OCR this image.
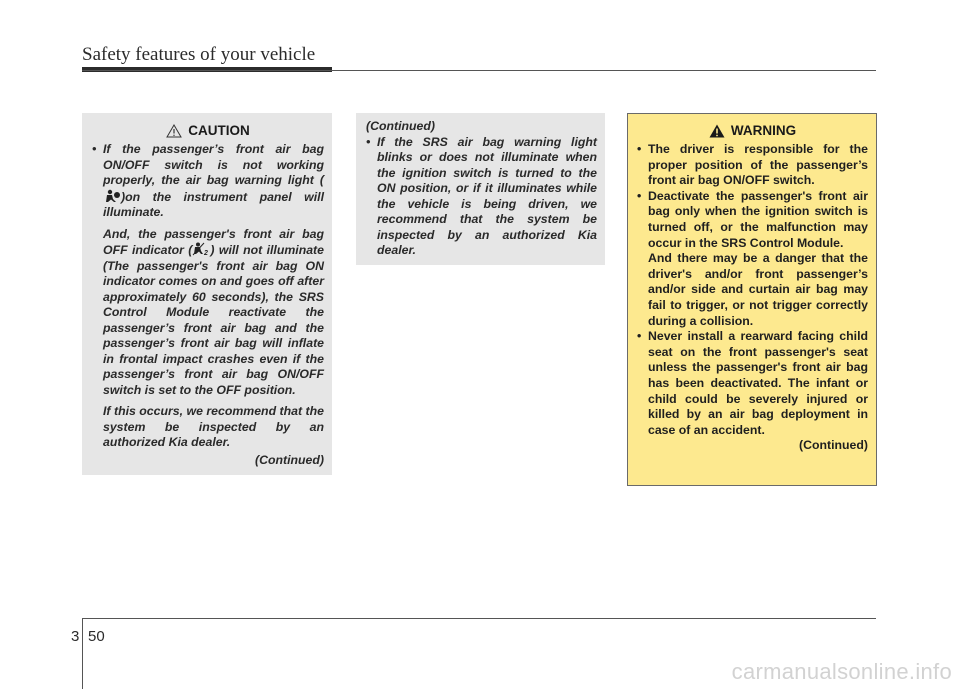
Safety features of your vehicle
CAUTION
• If the passenger’s front air bag ON/OFF switch is not working properly, the air bag warning light ()on the instrument panel will illuminate.
And, the passenger's front air bag OFF indicator ( 2 ) will not illuminate (The passenger's front air bag ON indicator comes on and goes off after approximately 60 seconds), the SRS Control Module reactivate the passenger’s front air bag and the passenger’s front air bag will inflate in frontal impact crashes even if the passenger’s front air bag ON/OFF switch is set to the OFF position.
If this occurs, we recommend that the system be inspected by an authorized Kia dealer.
(Continued)
(Continued)
• If the SRS air bag warning light blinks or does not illuminate when the ignition switch is turned to the ON position, or if it illuminates while the vehicle is being driven, we recommend that the system be inspected by an authorized Kia dealer.
WARNING
• The driver is responsible for the proper position of the passenger’s front air bag ON/OFF switch.
• Deactivate the passenger's front air bag only when the ignition switch is turned off, or the malfunction may occur in the SRS Control Module.
And there may be a danger that the driver's and/or front passenger’s and/or side and curtain air bag may fail to trigger, or not trigger correctly during a collision.
• Never install a rearward facing child seat on the front passenger's seat unless the passenger's front air bag has been deactivated. The infant or child could be severely injured or killed by an air bag deployment in case of an accident.
(Continued)
3 50
carmanualsonline.info
